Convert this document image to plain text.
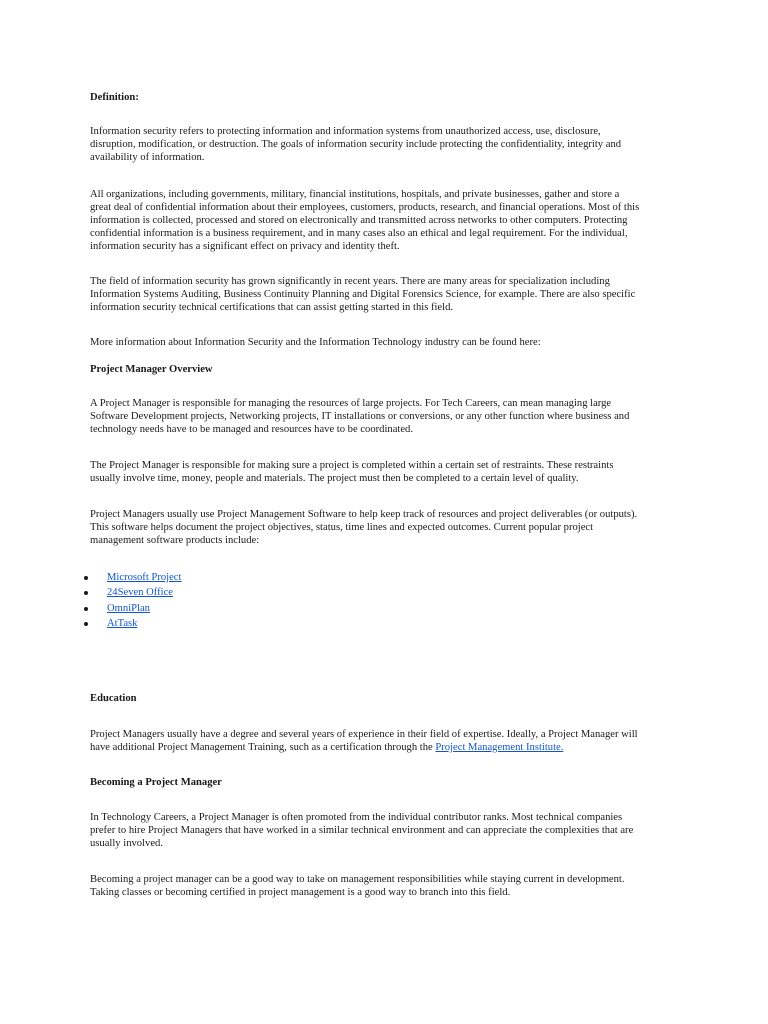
Definition:
Information security refers to protecting information and information systems from unauthorized access, use, disclosure,
disruption, modification, or destruction. The goals of information security include protecting the confidentiality, integrity and
availability of information.
All organizations, including governments, military, financial institutions, hospitals, and private businesses, gather and store a
great deal of confidential information about their employees, customers, products, research, and financial operations. Most of this
information is collected, processed and stored on electronically and transmitted across networks to other computers. Protecting
confidential information is a business requirement, and in many cases also an ethical and legal requirement. For the individual,
information security has a significant effect on privacy and identity theft.
The field of information security has grown significantly in recent years. There are many areas for specialization including
Information Systems Auditing, Business Continuity Planning and Digital Forensics Science, for example. There are also specific
information security technical certifications that can assist getting started in this field.
More information about Information Security and the Information Technology industry can be found here:
Project Manager Overview
A Project Manager is responsible for managing the resources of large projects. For Tech Careers, can mean managing large
Software Development projects, Networking projects, IT installations or conversions, or any other function where business and
technology needs have to be managed and resources have to be coordinated.
The Project Manager is responsible for making sure a project is completed within a certain set of restraints. These restraints
usually involve time, money, people and materials. The project must then be completed to a certain level of quality.
Project Managers usually use Project Management Software to help keep track of resources and project deliverables (or outputs).
This software helps document the project objectives, status, time lines and expected outcomes. Current popular project
management software products include:
Microsoft Project
24Seven Office
OmniPlan
AtTask
Education
Project Managers usually have a degree and several years of experience in their field of expertise. Ideally, a Project Manager will
have additional Project Management Training, such as a certification through the Project Management Institute.
Becoming a Project Manager
In Technology Careers, a Project Manager is often promoted from the individual contributor ranks. Most technical companies
prefer to hire Project Managers that have worked in a similar technical environment and can appreciate the complexities that are
usually involved.
Becoming a project manager can be a good way to take on management responsibilities while staying current in development.
Taking classes or becoming certified in project management is a good way to branch into this field.
